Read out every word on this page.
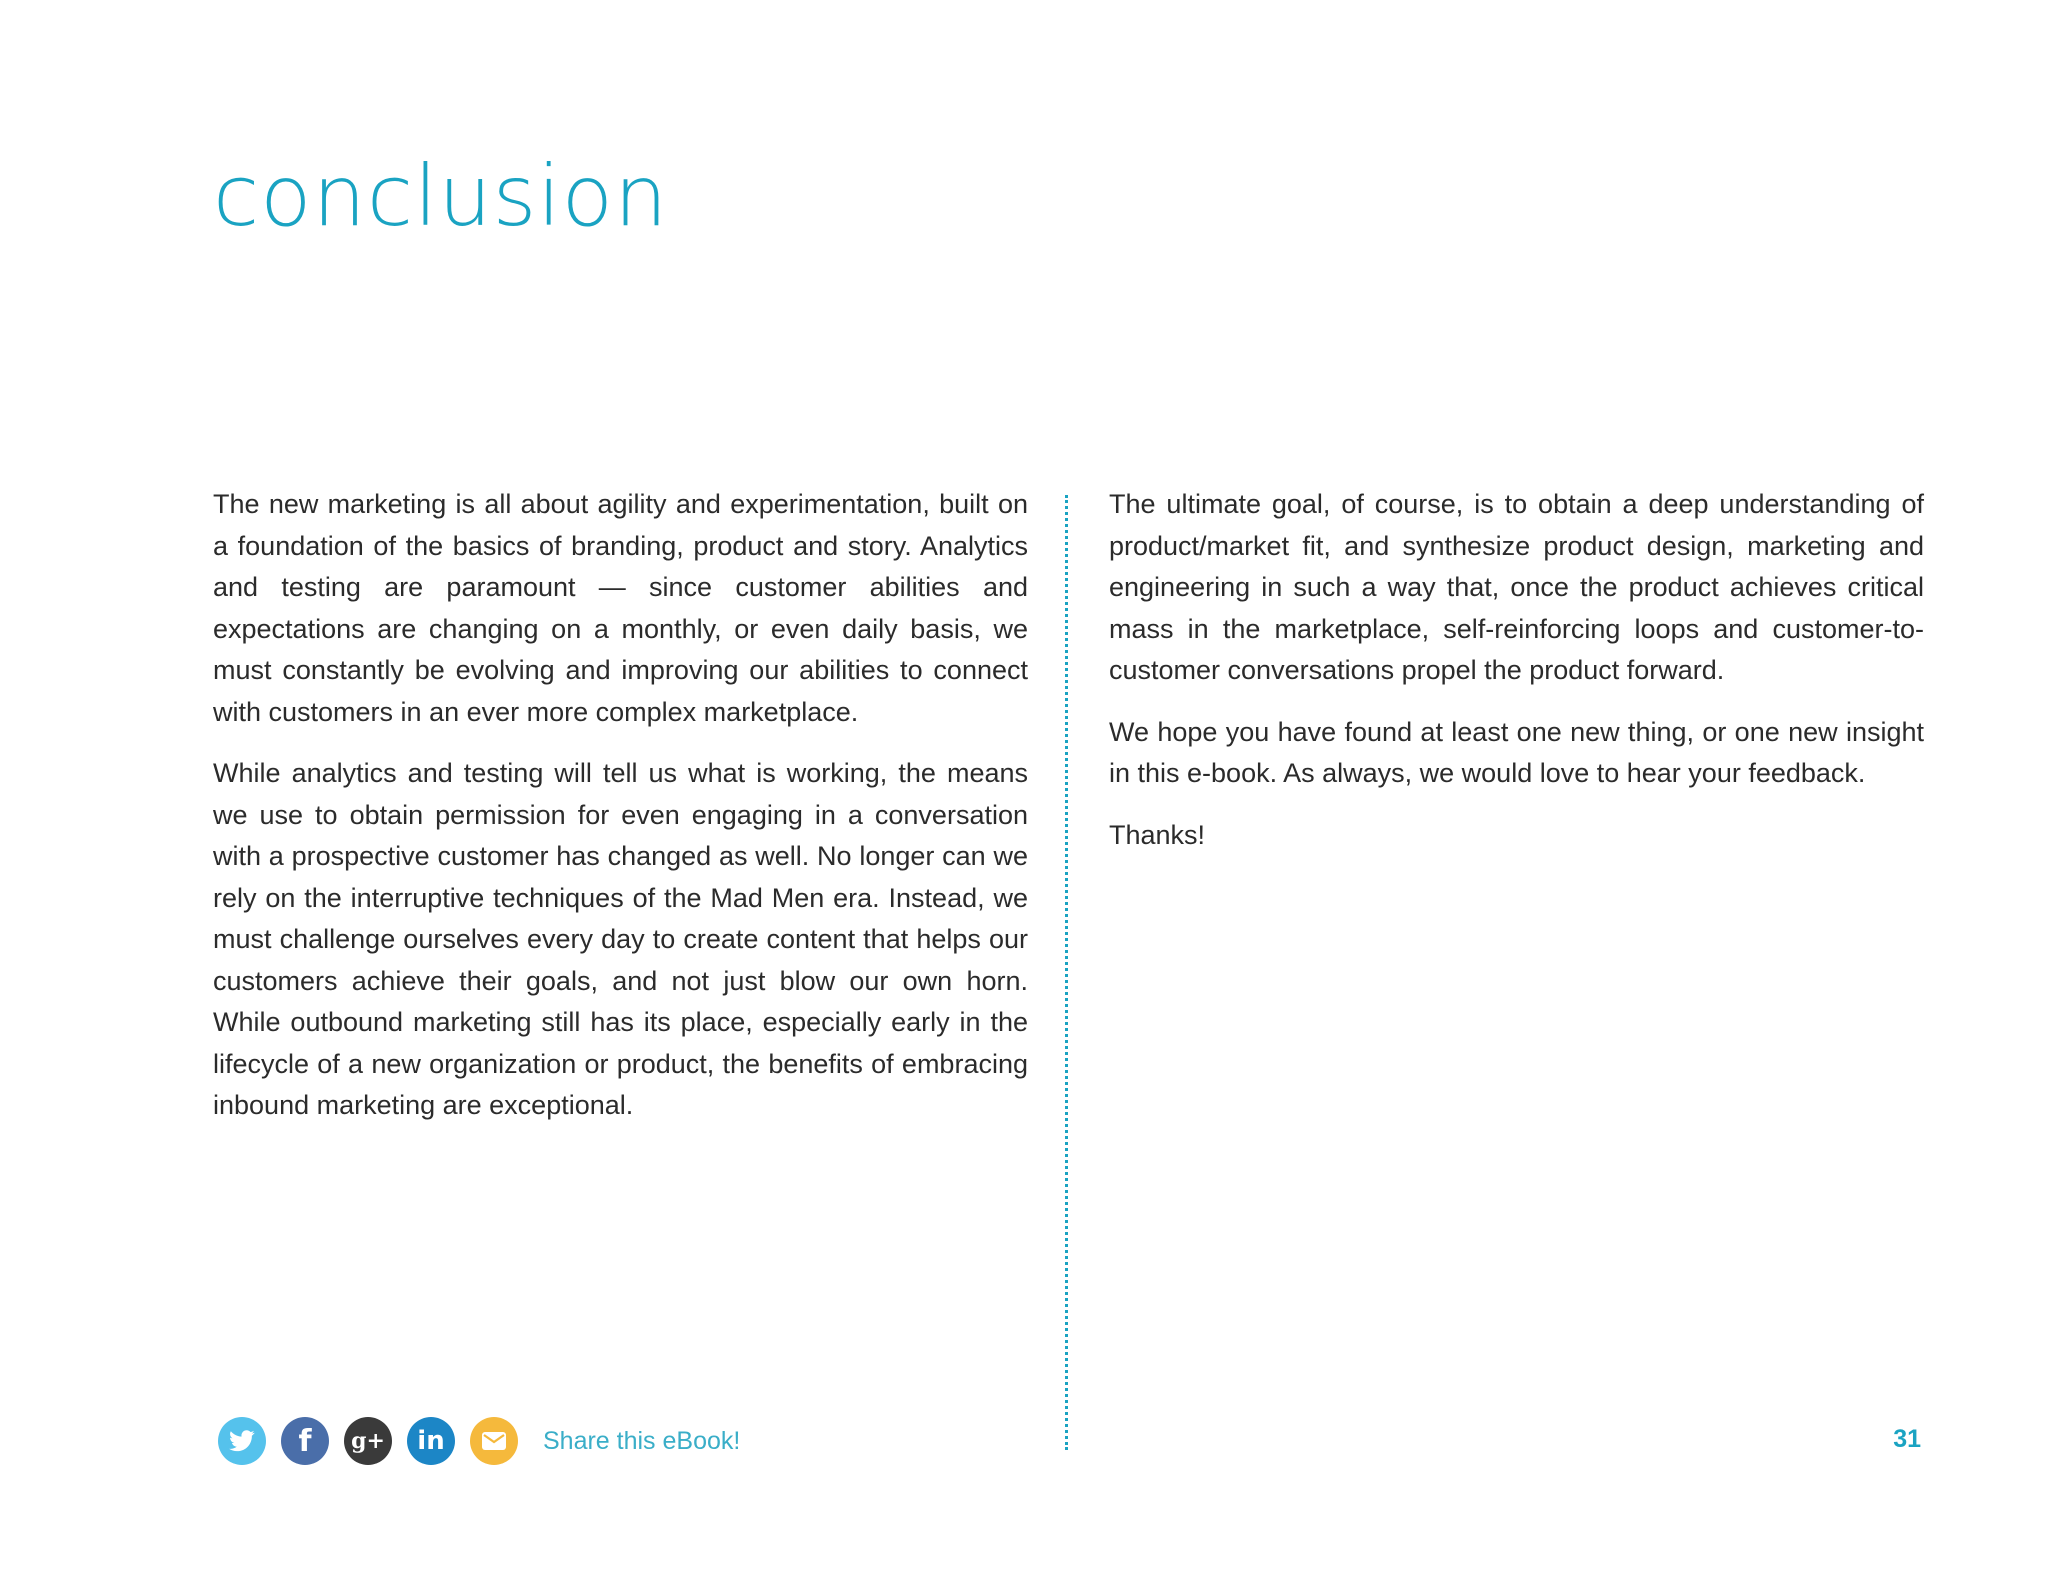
conclusion

The new marketing is all about agility and experimentation, built on a foundation of the basics of branding, product and story. Analytics and testing are paramount — since customer abilities and expectations are changing on a monthly, or even daily basis, we must constantly be evolving and improving our abilities to connect with customers in an ever more complex marketplace.

While analytics and testing will tell us what is working, the means we use to obtain permission for even engaging in a conversation with a prospective customer has changed as well. No longer can we rely on the interruptive techniques of the Mad Men era. Instead, we must challenge ourselves every day to create content that helps our customers achieve their goals, and not just blow our own horn. While outbound marketing still has its place, especially early in the lifecycle of a new organization or product, the benefits of embracing inbound marketing are exceptional.

The ultimate goal, of course, is to obtain a deep understanding of product/market fit, and synthesize product design, marketing and engineering in such a way that, once the product achieves critical mass in the marketplace, self-reinforcing loops and customer-to-customer conversations propel the product forward.

We hope you have found at least one new thing, or one new insight in this e-book. As always, we would love to hear your feedback.

Thanks!

f g+ in	Share this eBook!	31
